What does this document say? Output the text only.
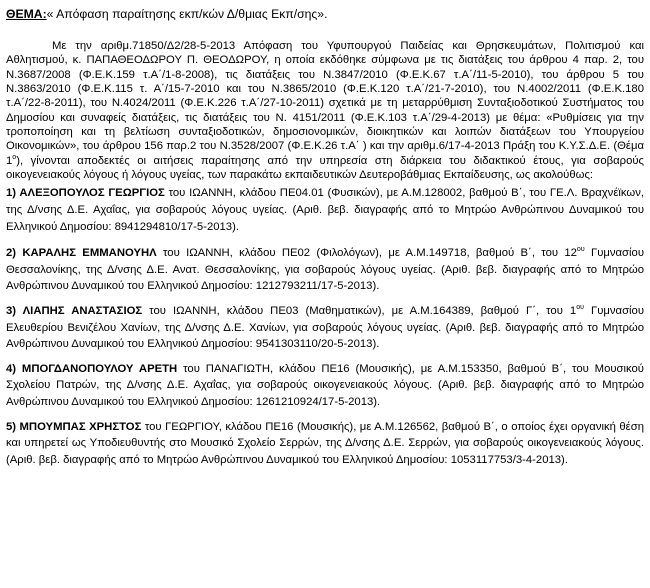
ΘΕΜΑ:« Απόφαση παραίτησης εκπ/κών Δ/θμιας Εκπ/σης».

Με την αριθμ.71850/Δ2/28-5-2013 Απόφαση του Υφυπουργού Παιδείας και Θρησκευμάτων, Πολιτισμού και Αθλητισμού, κ. ΠΑΠΑΘΕΟΔΩΡΟΥ Π. ΘΕΟΔΩΡΟΥ, η οποία εκδόθηκε σύμφωνα με τις διατάξεις του άρθρου 4 παρ. 2, του Ν.3687/2008 (Φ.Ε.Κ.159 τ.Α΄/1-8-2008), τις διατάξεις του Ν.3847/2010 (Φ.Ε.Κ.67 τ.Α΄/11-5-2010), του άρθρου 5 του Ν.3863/2010 (Φ.Ε.Κ.115 τ. Α΄/15-7-2010 και του Ν.3865/2010 (Φ.Ε.Κ.120 τ.Α΄/21-7-2010), του Ν.4002/2011 (Φ.Ε.Κ.180 τ.Α΄/22-8-2011), του Ν.4024/2011 (Φ.Ε.Κ.226 τ.Α΄/27-10-2011) σχετικά με τη μεταρρύθμιση Συνταξιοδοτικού Συστήματος του Δημοσίου και συναφείς διατάξεις, τις διατάξεις του Ν. 4151/2011 (Φ.Ε.Κ.103 τ.Α΄/29-4-2013) με θέμα: «Ρυθμίσεις για την τροποποίηση και τη βελτίωση συνταξιοδοτικών, δημοσιονομικών, διοικητικών και λοιπών διατάξεων του Υπουργείου Οικονομικών», του άρθρου 156 παρ.2 του Ν.3528/2007 (Φ.Ε.Κ.26 τ.Α΄ ) και την αριθμ.6/17-4-2013 Πράξη του Κ.Υ.Σ.Δ.Ε. (Θέμα $1^o$), γίνονται αποδεκτές οι αιτήσεις παραίτησης από την υπηρεσία στη διάρκεια του διδακτικού έτους, για σοβαρούς οικογενειακούς λόγους ή λόγους υγείας, των παρακάτω εκπαιδευτικών Δευτεροβάθμιας Εκπαίδευσης, ως ακολούθως:

1) ΑΛΕΞΟΠΟΥΛΟΣ ΓΕΩΡΓΙΟΣ του ΙΩΑΝΝΗ, κλάδου ΠΕ04.01 (Φυσικών), με Α.Μ.128002, βαθμού Β΄, του ΓΕ.Λ. Βραχνέϊκων, της Δ/νσης Δ.Ε. Αχαΐας, για σοβαρούς λόγους υγείας. (Αριθ. βεβ. διαγραφής από το Μητρώο Ανθρώπινου Δυναμικού του Ελληνικού Δημοσίου: 8941294810/17-5-2013).

2) ΚΑΡΑΛΗΣ ΕΜΜΑΝΟΥΗΛ του ΙΩΑΝΝΗ, κλάδου ΠΕ02 (Φιλολόγων), με Α.Μ.149718, βαθμού Β΄, του $12^{o\upsilon}$ Γυμνασίου Θεσσαλονίκης, της Δ/νσης Δ.Ε. Ανατ. Θεσσαλονίκης, για σοβαρούς λόγους υγείας. (Αριθ. βεβ. διαγραφής από το Μητρώο Ανθρώπινου Δυναμικού του Ελληνικού Δημοσίου: 1212793211/17-5-2013).

3) ΛΙΑΠΗΣ ΑΝΑΣΤΑΣΙΟΣ του ΙΩΑΝΝΗ, κλάδου ΠΕ03 (Μαθηματικών), με Α.Μ.164389, βαθμού Γ΄, του $1^{o\upsilon}$ Γυμνασίου Ελευθερίου Βενιζέλου Χανίων, της Δ/νσης Δ.Ε. Χανίων, για σοβαρούς λόγους υγείας. (Αριθ. βεβ. διαγραφής από το Μητρώο Ανθρώπινου Δυναμικού του Ελληνικού Δημοσίου: 9541303110/20-5-2013).

4) ΜΠΟΓΔΑΝΟΠΟΥΛΟΥ ΑΡΕΤΗ του ΠΑΝΑΓΙΩΤΗ, κλάδου ΠΕ16 (Μουσικής), με Α.Μ.153350, βαθμού Β΄, του Μουσικού Σχολείου Πατρών, της Δ/νσης Δ.Ε. Αχαΐας, για σοβαρούς οικογενειακούς λόγους. (Αριθ. βεβ. διαγραφής από το Μητρώο Ανθρώπινου Δυναμικού του Ελληνικού Δημοσίου: 1261210924/17-5-2013).

5) ΜΠΟΥΜΠΑΣ ΧΡΗΣΤΟΣ του ΓΕΩΡΓΙΟΥ, κλάδου ΠΕ16 (Μουσικής), με Α.Μ.126562, βαθμού Β΄, ο οποίος έχει οργανική θέση και υπηρετεί ως Υποδιευθυντής στο Μουσικό Σχολείο Σερρών, της Δ/νσης Δ.Ε. Σερρών, για σοβαρούς οικογενειακούς λόγους. (Αριθ. βεβ. διαγραφής από το Μητρώο Ανθρώπινου Δυναμικού του Ελληνικού Δημοσίου: 1053117753/3-4-2013).
